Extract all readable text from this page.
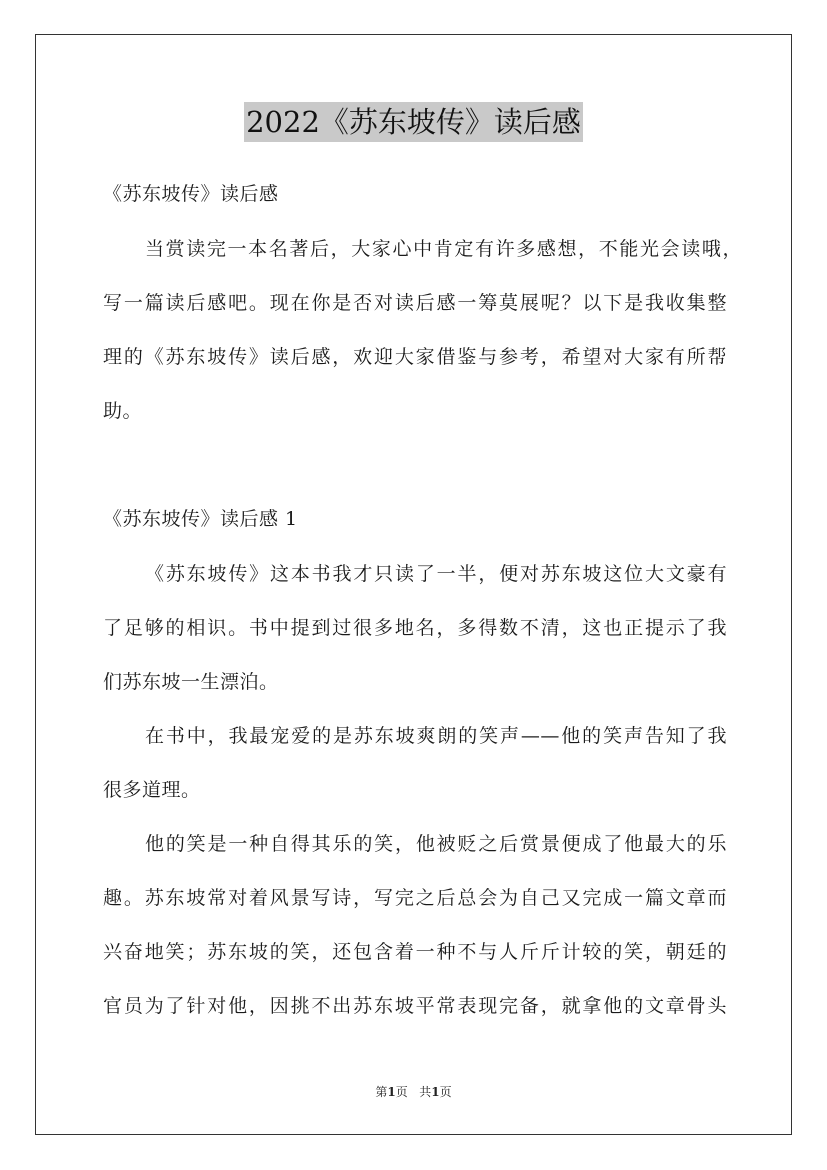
2022《苏东坡传》读后感
《苏东坡传》读后感
当赏读完一本名著后，大家心中肯定有许多感想，不能光会读哦，
写一篇读后感吧。现在你是否对读后感一筹莫展呢？以下是我收集整
理的《苏东坡传》读后感，欢迎大家借鉴与参考，希望对大家有所帮
助。
《苏东坡传》读后感 1
《苏东坡传》这本书我才只读了一半，便对苏东坡这位大文豪有
了足够的相识。书中提到过很多地名，多得数不清，这也正提示了我
们苏东坡一生漂泊。
在书中，我最宠爱的是苏东坡爽朗的笑声——他的笑声告知了我
很多道理。
他的笑是一种自得其乐的笑，他被贬之后赏景便成了他最大的乐
趣。苏东坡常对着风景写诗，写完之后总会为自己又完成一篇文章而
兴奋地笑；苏东坡的笑，还包含着一种不与人斤斤计较的笑，朝廷的
官员为了针对他，因挑不出苏东坡平常表现完备，就拿他的文章骨头
第1页 共1页
